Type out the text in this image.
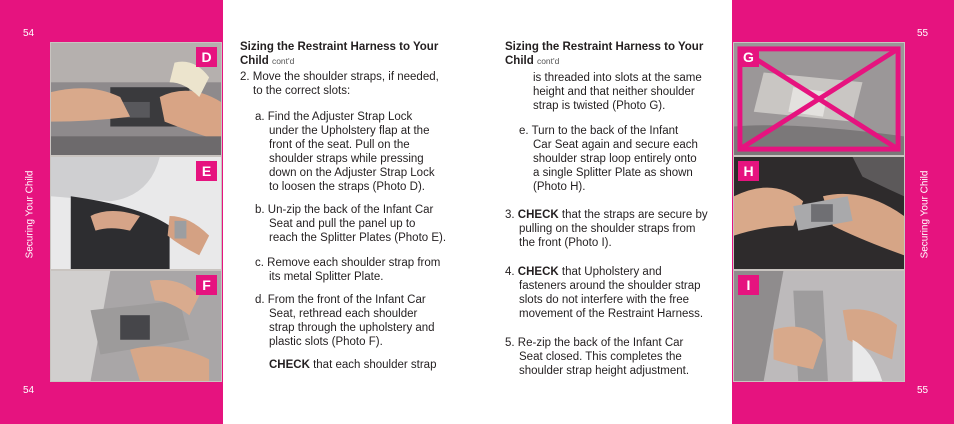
54
54
Securing Your Child
D
E
F
55
55
Securing Your Child
G
H
I
Sizing the Restraint Harness to Your Child cont'd

2. Move the shoulder straps, if needed,

to the correct slots:

a. Find the Adjuster Strap Lock

under the Upholstery flap at the

front of the seat. Pull on the

shoulder straps while pressing

down on the Adjuster Strap Lock

to loosen the straps (Photo D).

b. Un-zip the back of the Infant Car

Seat and pull the panel up to

reach the Splitter Plates (Photo E).

c. Remove each shoulder strap from

its metal Splitter Plate.

d. From the front of the Infant Car

Seat, rethread each shoulder

strap through the upholstery and

plastic slots (Photo F).

CHECK that each shoulder strap

Sizing the Restraint Harness to Your Child cont'd

is threaded into slots at the same

height and that neither shoulder

strap is twisted (Photo G).

e. Turn to the back of the Infant

Car Seat again and secure each

shoulder strap loop entirely onto

a single Splitter Plate as shown

(Photo H).

3. CHECK that the straps are secure by

pulling on the shoulder straps from

the front (Photo I).

4. CHECK that Upholstery and

fasteners around the shoulder strap

slots do not interfere with the free

movement of the Restraint Harness.

5. Re-zip the back of the Infant Car

Seat closed. This completes the

shoulder strap height adjustment.
